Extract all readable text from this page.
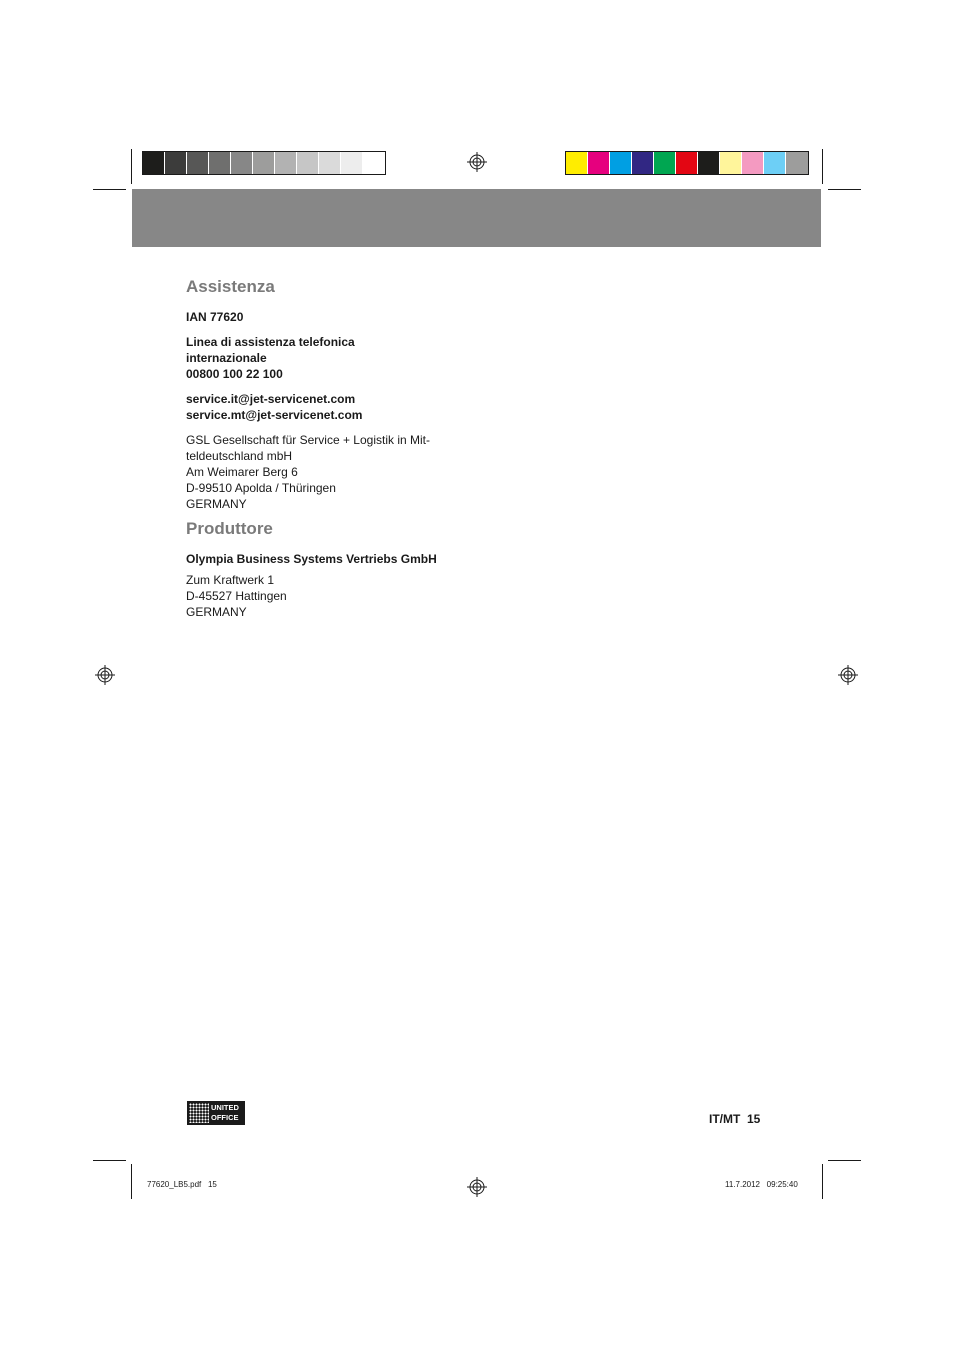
Assistenza
IAN 77620
Linea di assistenza telefonica
internazionale
00800 100 22 100
service.it@jet-servicenet.com
service.mt@jet-servicenet.com
GSL Gesellschaft für Service + Logistik in Mit-
teldeutschland mbH
Am Weimarer Berg 6
D-99510 Apolda / Thüringen
GERMANY
Produttore
Olympia Business Systems Vertriebs GmbH
Zum Kraftwerk 1
D-45527 Hattingen
GERMANY
UNITED
OFFICE	IT/MT 15
77620_LB5.pdf   15	11.7.2012   09:25:40
